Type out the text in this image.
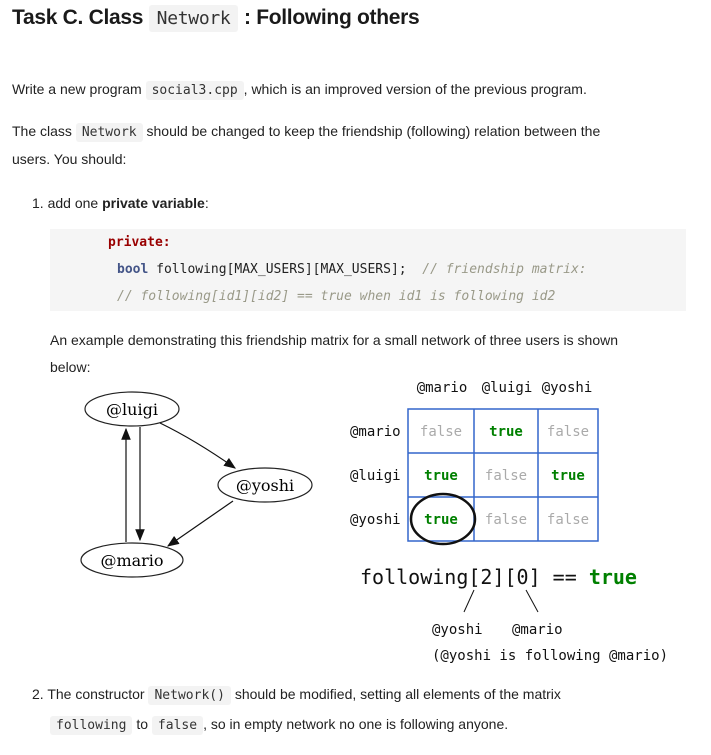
Task C. Class Network : Following others
Write a new program social3.cpp , which is an improved version of the previous program.
The class Network should be changed to keep the friendship (following) relation between the
users. You should:
1. add one private variable:
private:
bool following[MAX_USERS][MAX_USERS]; // friendship matrix:
// following[id1][id2] == true when id1 is following id2
An example demonstrating this friendship matrix for a small network of three users is shown
below:
@luigi
@yoshi
@mario
@mario @luigi @yoshi
@mario
@luigi
@yoshi
false true false
true false true
true false false
following[2][0] == true
@yoshi @mario
(@yoshi is following @mario)
2. The constructor Network() should be modified, setting all elements of the matrix
following to false , so in empty network no one is following anyone.
